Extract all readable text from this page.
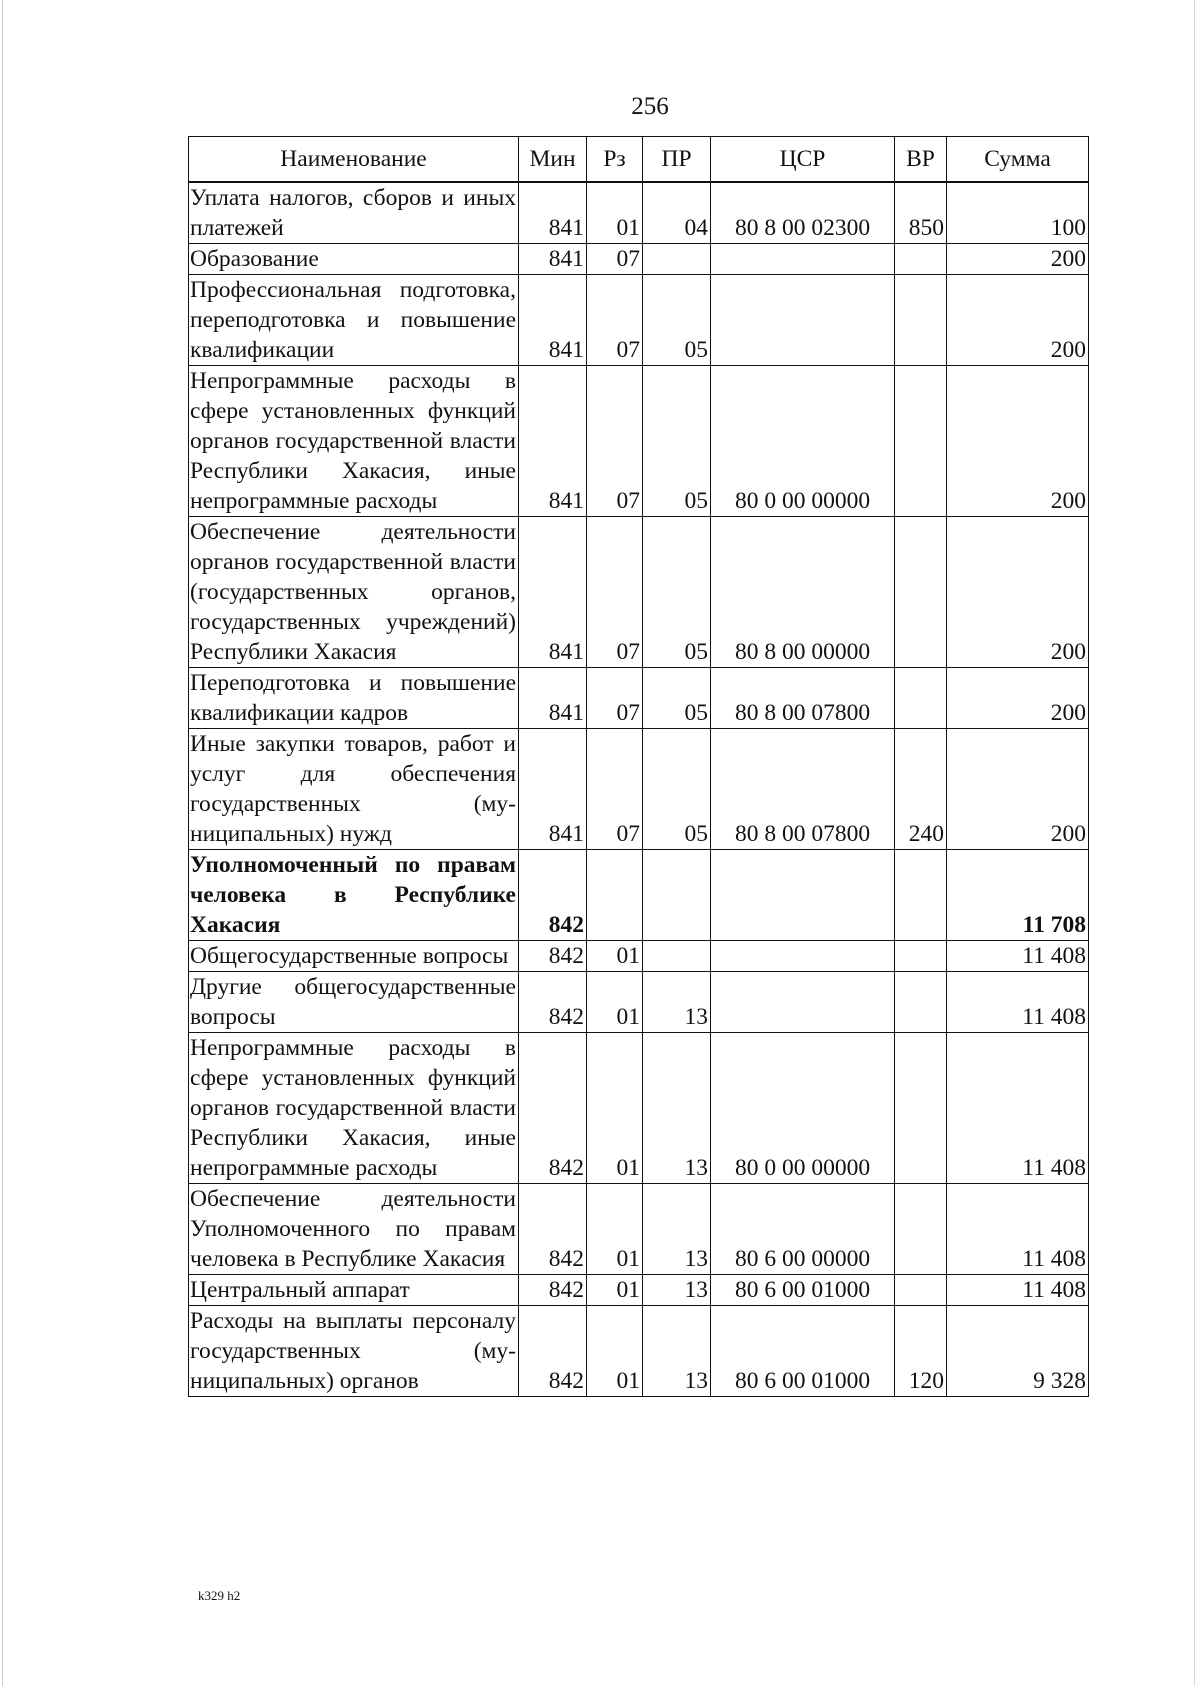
256
Наименование	Мин	Рз	ПР	ЦСР	ВР	Сумма
Уплата налогов, сборов и иных платежей	841	01	04	80 8 00 02300	850	100
Образование	841	07				200
Профессиональная подготовка, переподготовка и повышение квалификации	841	07	05			200
Непрограммные расходы в сфере установленных функций органов государственной власти Республики Хакасия, иные непрограммные расходы	841	07	05	80 0 00 00000		200
Обеспечение деятельности органов государственной власти (государственных органов, государственных учреждений) Республики Хакасия	841	07	05	80 8 00 00000		200
Переподготовка и повышение квалификации кадров	841	07	05	80 8 00 07800		200
Иные закупки товаров, работ и услуг для обеспечения государственных (муниципальных) нужд	841	07	05	80 8 00 07800	240	200
Уполномоченный по правам человека в Республике Хакасия	842					11 708
Общегосударственные вопросы	842	01				11 408
Другие общегосударственные вопросы	842	01	13			11 408
Непрограммные расходы в сфере установленных функций органов государственной власти Республики Хакасия, иные непрограммные расходы	842	01	13	80 0 00 00000		11 408
Обеспечение деятельности Уполномоченного по правам человека в Республике Хакасия	842	01	13	80 6 00 00000		11 408
Центральный аппарат	842	01	13	80 6 00 01000		11 408
Расходы на выплаты персоналу государственных (муниципальных) органов	842	01	13	80 6 00 01000	120	9 328
k329 h2
